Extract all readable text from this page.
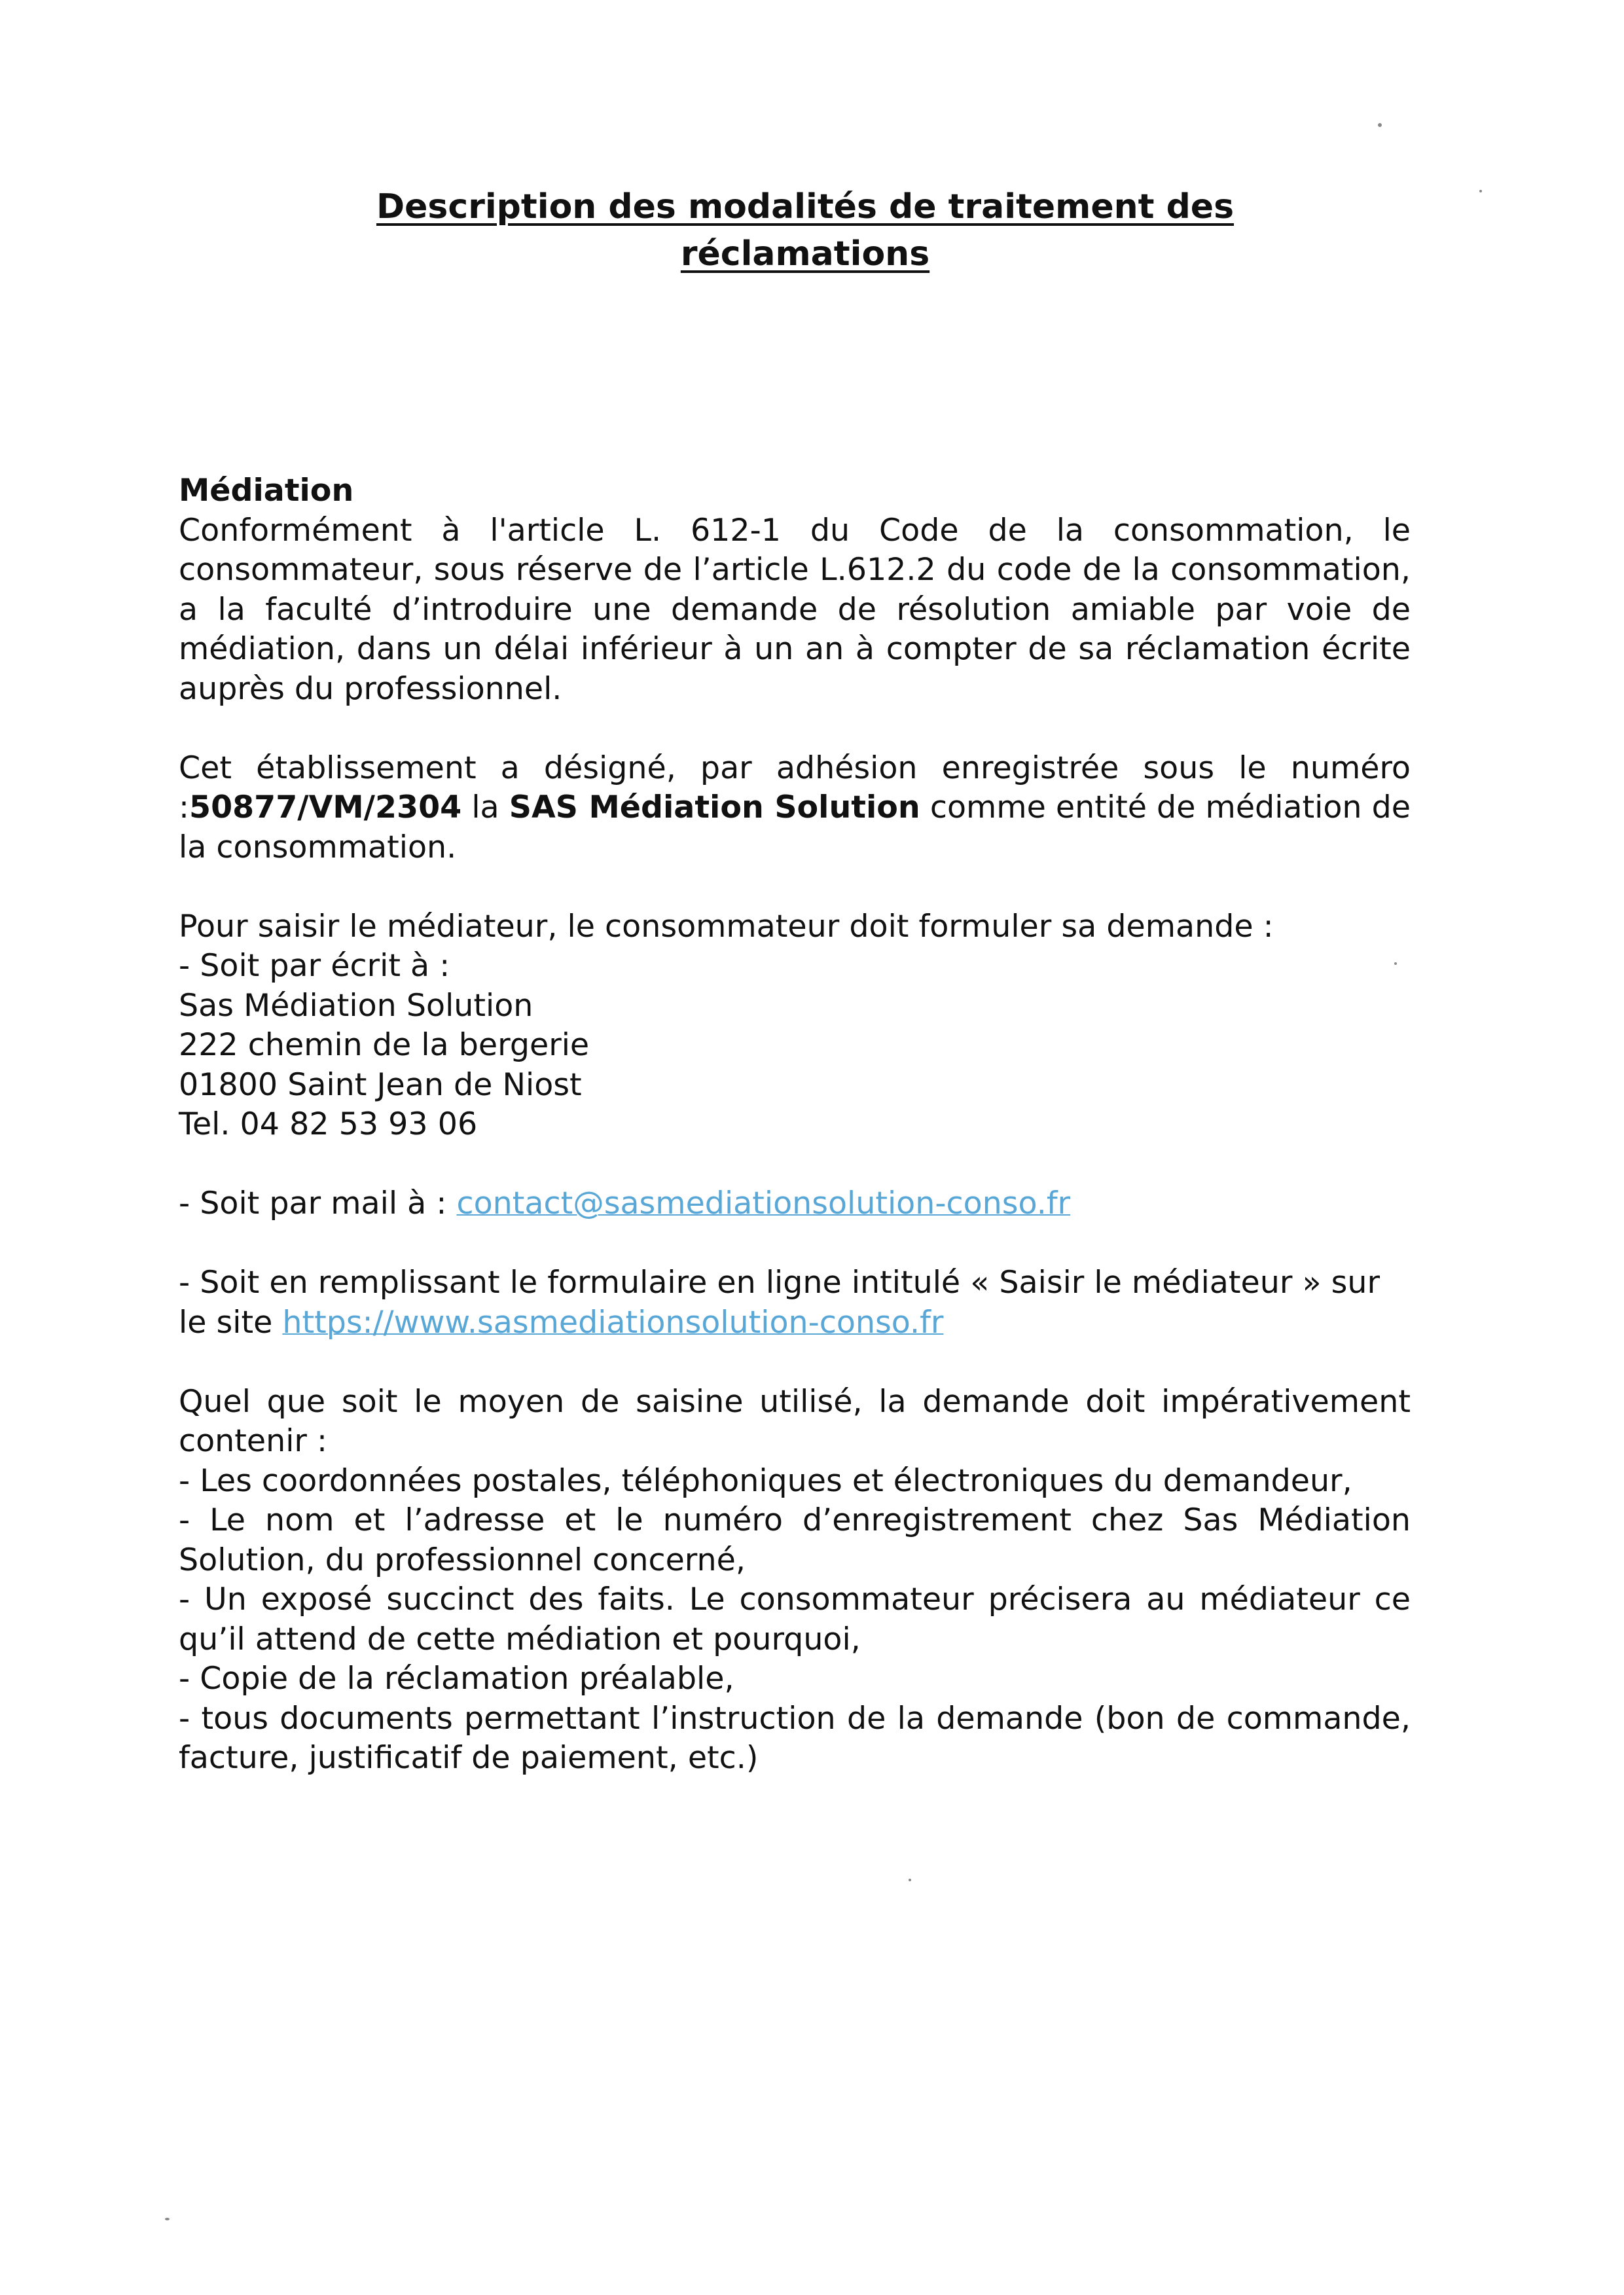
Description des modalités de traitement des
réclamations
Médiation

Conformément à l'article L. 612-1 du Code de la consommation, le consommateur, sous réserve de l’article L.612.2 du code de la consommation, a la faculté d’introduire une demande de résolution amiable par voie de médiation, dans un délai inférieur à un an à compter de sa réclamation écrite auprès du professionnel.

Cet établissement a désigné, par adhésion enregistrée sous le numéro :50877/VM/2304 la SAS Médiation Solution comme entité de médiation de la consommation.

Pour saisir le médiateur, le consommateur doit formuler sa demande :
- Soit par écrit à :
Sas Médiation Solution
222 chemin de la bergerie
01800 Saint Jean de Niost
Tel. 04 82 53 93 06

- Soit par mail à : contact@sasmediationsolution-conso.fr

- Soit en remplissant le formulaire en ligne intitulé « Saisir le médiateur » sur le site https://www.sasmediationsolution-conso.fr

Quel que soit le moyen de saisine utilisé, la demande doit impérativement contenir :
- Les coordonnées postales, téléphoniques et électroniques du demandeur,
- Le nom et l’adresse et le numéro d’enregistrement chez Sas Médiation Solution, du professionnel concerné,
- Un exposé succinct des faits. Le consommateur précisera au médiateur ce qu’il attend de cette médiation et pourquoi,
- Copie de la réclamation préalable,
- tous documents permettant l’instruction de la demande (bon de commande, facture, justificatif de paiement, etc.)
